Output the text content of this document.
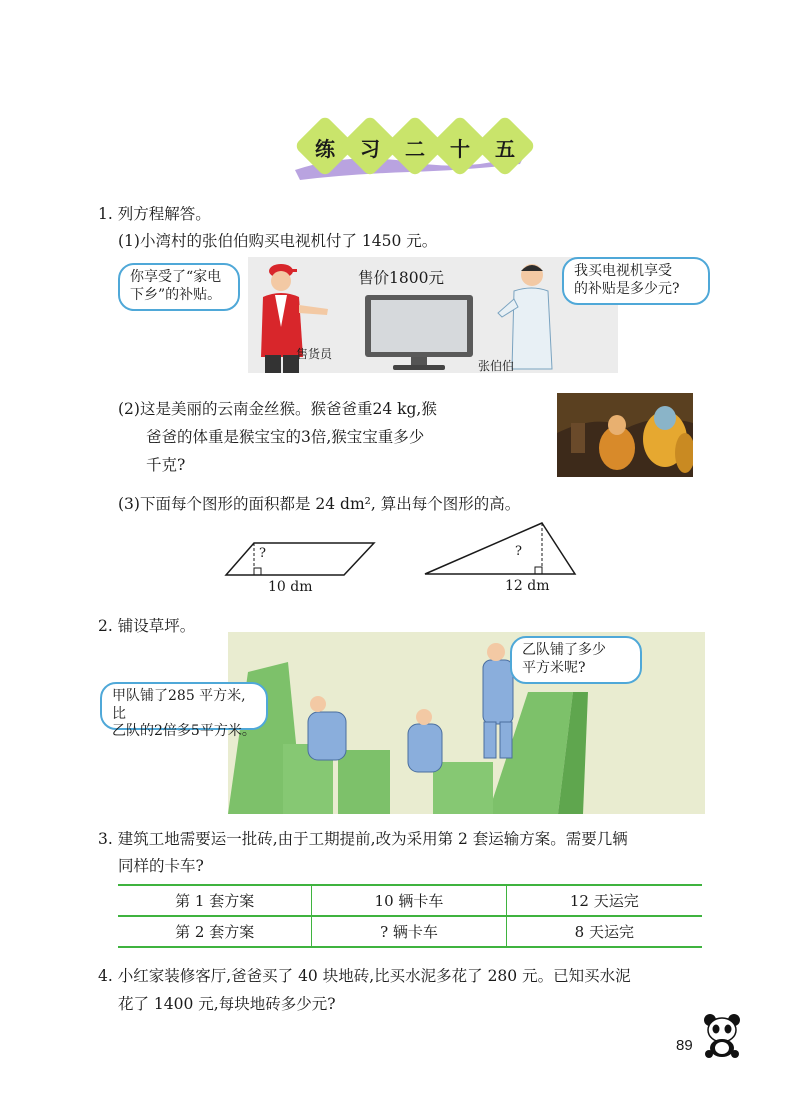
练	习	二	十	五
1. 列方程解答。
(1)小湾村的张伯伯购买电视机付了 1450 元。
售货员
售价1800元
张伯伯
你享受了“家电
下乡”的补贴。
我买电视机享受
的补贴是多少元?
(2)这是美丽的云南金丝猴。猴爸爸重24 kg,猴
爸爸的体重是猴宝宝的3倍,猴宝宝重多少
千克?
(3)下面每个图形的面积都是 24 dm², 算出每个图形的高。
?
10 dm
?
12 dm
2. 铺设草坪。
甲队铺了285 平方米,比
乙队的2倍多5平方米。
乙队铺了多少
平方米呢?
3. 建筑工地需要运一批砖,由于工期提前,改为采用第 2 套运输方案。需要几辆
同样的卡车?
第 1 套方案	10 辆卡车	12 天运完
第 2 套方案	? 辆卡车	8 天运完
4. 小红家装修客厅,爸爸买了 40 块地砖,比买水泥多花了 280 元。已知买水泥
花了 1400 元,每块地砖多少元?
89
